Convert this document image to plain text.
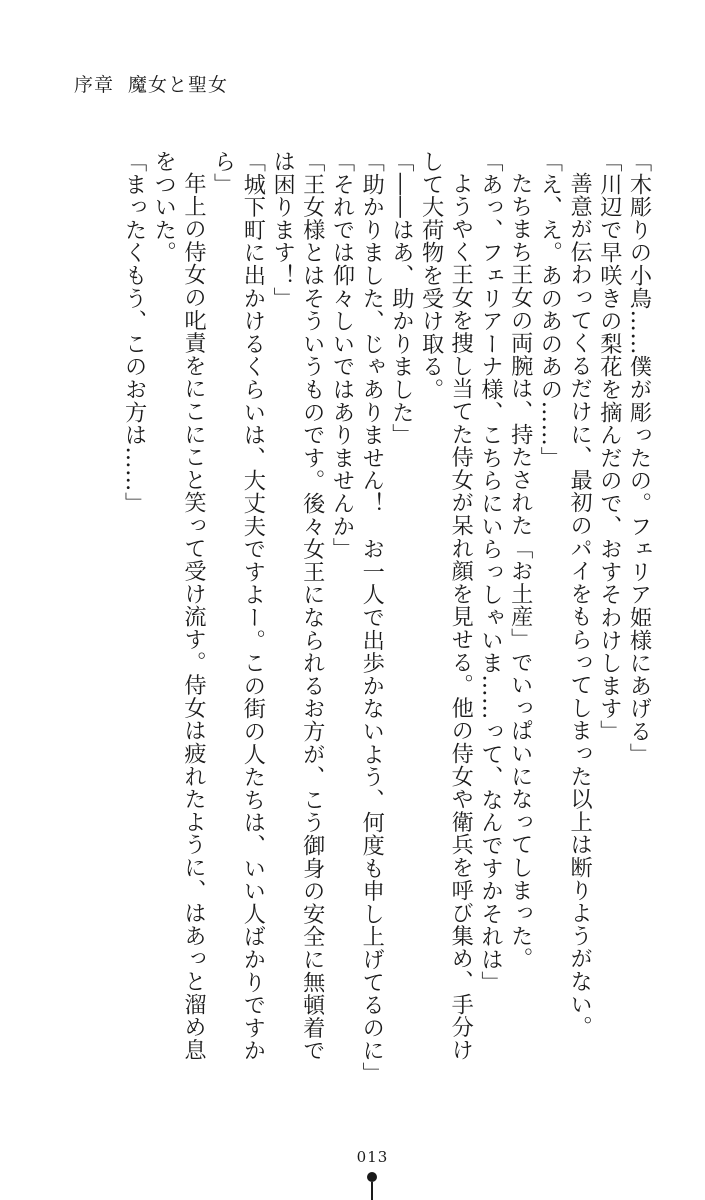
序章 魔女と聖女

「木彫りの小鳥……僕が彫ったの。フェリア姫様にあげる」

「川辺で早咲きの梨花を摘んだので、おすそわけします」

善意が伝わってくるだけに、最初のパイをもらってしまった以上は断りようがない。

「え、え。あのあのあの……」

たちまち王女の両腕は、持たされた「お土産」でいっぱいになってしまった。

「あっ、フェリアーナ様、こちらにいらっしゃいま……って、なんですかそれは」

ようやく王女を捜し当てた侍女が呆れ顔を見せる。他の侍女や衛兵を呼び集め、手分け
して大荷物を受け取る。

「――はあ、助かりました」

「助かりました、じゃありません！　お一人で出歩かないよう、何度も申し上げてるのに」

「それでは仰々しいではありませんか」

「王女様とはそういうものです。後々女王になられるお方が、こう御身の安全に無頓着で
は困ります！」

「城下町に出かけるくらいは、大丈夫ですよー。この街の人たちは、いい人ばかりですか
ら」

年上の侍女の叱責をにこにこと笑って受け流す。侍女は疲れたように、はあっと溜め息
をついた。

「まったくもう、このお方は……」

013
